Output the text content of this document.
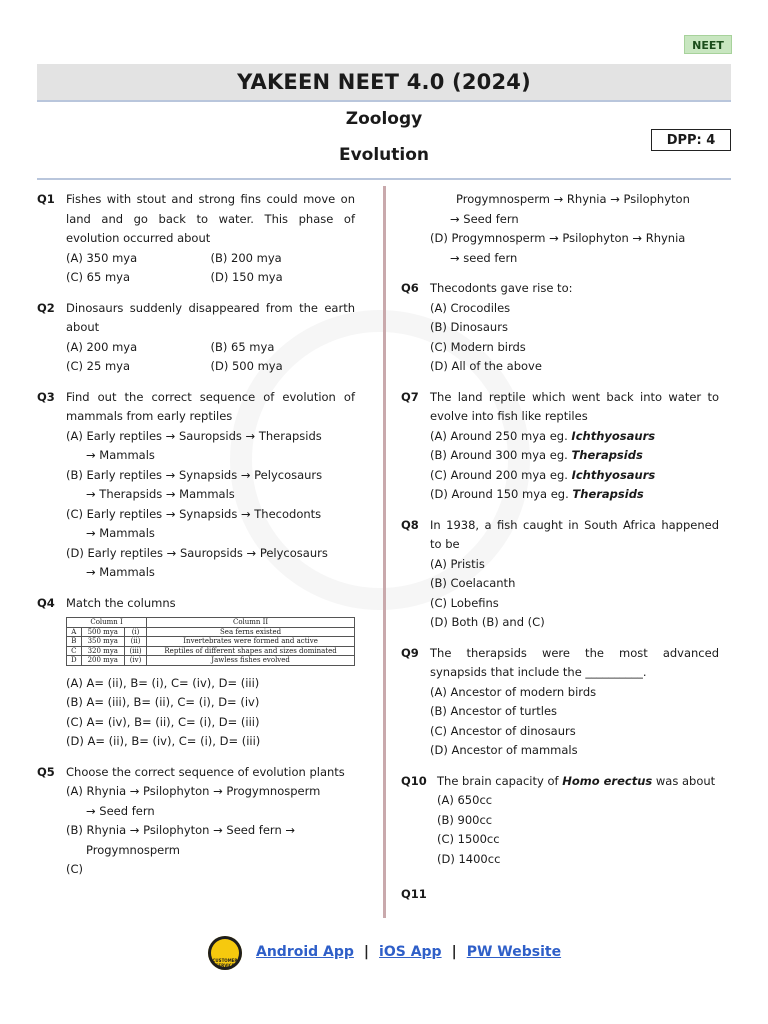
NEET
YAKEEN NEET 4.0 (2024)
Zoology
Evolution
DPP: 4
Q1 Fishes with stout and strong fins could move on land and go back to water. This phase of evolution occurred about
(A) 350 mya	(B) 200 mya
(C) 65 mya	(D) 150 mya
Q2 Dinosaurs suddenly disappeared from the earth about
(A) 200 mya	(B) 65 mya
(C) 25 mya	(D) 500 mya
Q3 Find out the correct sequence of evolution of mammals from early reptiles
(A) Early reptiles → Sauropsids → Therapsids
→ Mammals
(B) Early reptiles → Synapsids → Pelycosaurs
→ Therapsids → Mammals
(C) Early reptiles → Synapsids → Thecodonts
→ Mammals
(D) Early reptiles → Sauropsids → Pelycosaurs
→ Mammals
Q4 Match the columns
Column I			Column II
A	500 mya	(i)	Sea ferns existed
B	350 mya	(ii)	Invertebrates were formed and active
C	320 mya	(iii)	Reptiles of different shapes and sizes dominated
D	200 mya	(iv)	Jawless fishes evolved
(A) A= (ii), B= (i), C= (iv), D= (iii)
(B) A= (iii), B= (ii), C= (i), D= (iv)
(C) A= (iv), B= (ii), C= (i), D= (iii)
(D) A= (ii), B= (iv), C= (i), D= (iii)
Q5 Choose the correct sequence of evolution plants
(A) Rhynia → Psilophyton → Progymnosperm
→ Seed fern
(B) Rhynia → Psilophyton → Seed fern →
Progymnosperm
(C)
Progymnosperm → Rhynia → Psilophyton
→ Seed fern
(D) Progymnosperm → Psilophyton → Rhynia
→ seed fern
Q6 Thecodonts gave rise to:
(A) Crocodiles
(B) Dinosaurs
(C) Modern birds
(D) All of the above
Q7 The land reptile which went back into water to evolve into fish like reptiles
(A) Around 250 mya eg. Ichthyosaurs
(B) Around 300 mya eg. Therapsids
(C) Around 200 mya eg. Ichthyosaurs
(D) Around 150 mya eg. Therapsids
Q8 In 1938, a fish caught in South Africa happened to be
(A) Pristis
(B) Coelacanth
(C) Lobefins
(D) Both (B) and (C)
Q9 The therapsids were the most advanced synapsids that include the __________.
(A) Ancestor of modern birds
(B) Ancestor of turtles
(C) Ancestor of dinosaurs
(D) Ancestor of mammals
Q10 The brain capacity of Homo erectus was about
(A) 650cc
(B) 900cc
(C) 1500cc
(D) 1400cc
Q11

CUSTOMER SERVICE
Android App | iOS App | PW Website
